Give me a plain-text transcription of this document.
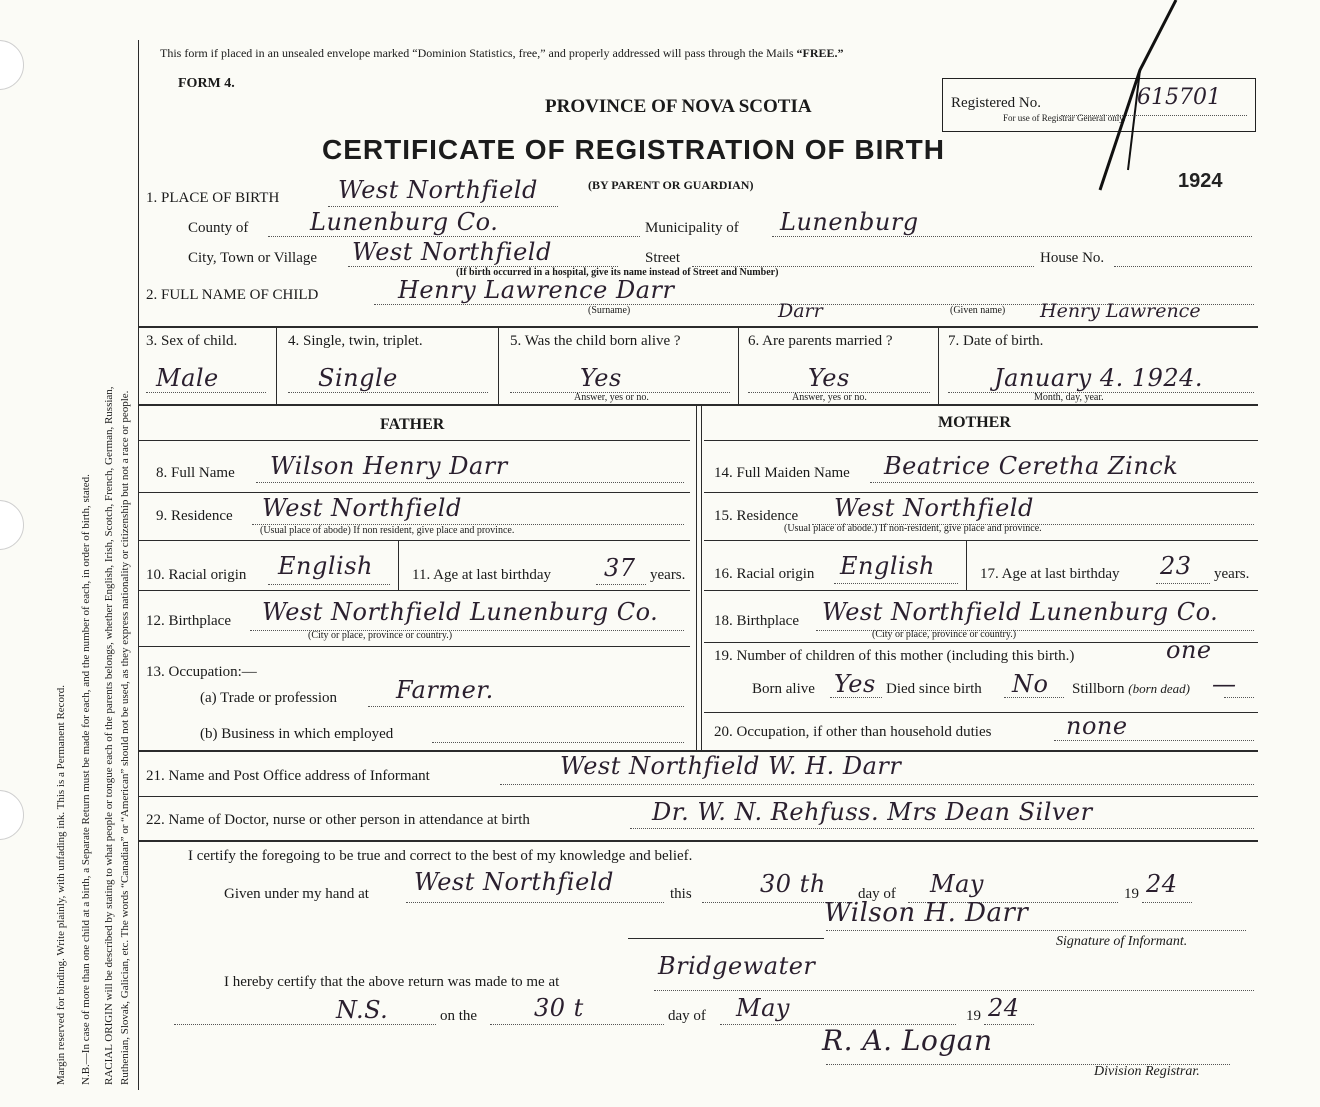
Margin reserved for binding. Write plainly, with unfading ink. This is a Permanent Record. N.B.—In case of more than one child at a birth, a Separate Return must be made for each, and the number of each, in order of birth, stated. RACIAL ORIGIN will be described by stating to what people or tongue each of the parents belongs, whether English, Irish, Scotch, French, German, Russian, Ruthenian, Slovak, Galician, etc. The words “Canadian” or “American” should not be used, as they express nationality or citizenship but not a race or people.
This form if placed in an unsealed envelope marked “Dominion Statistics, free,” and properly addressed will pass through the Mails “FREE.”
FORM 4.
PROVINCE OF NOVA SCOTIA
CERTIFICATE OF REGISTRATION OF BIRTH
(BY PARENT OR GUARDIAN)
Registered No.	615701
For use of Registrar General only.
1924
1. PLACE OF BIRTH West Northfield
County of	Lunenburg Co.	Municipality of Lunenburg
City, Town or Village West Northfield	Street	House No.
(If birth occurred in a hospital, give its name instead of Street and Number)
2. FULL NAME OF CHILD	Henry Lawrence Darr
(Surname)	Darr	(Given name) Henry Lawrence
3. Sex of child.
Male
4. Single, twin, triplet.
Single
5. Was the child born alive ?
Yes
Answer, yes or no.
6. Are parents married ?
Yes
Answer, yes or no.
7. Date of birth.
January 4. 1924.
Month, day, year.
FATHER	MOTHER
8. Full Name Wilson Henry Darr
9. Residence West Northfield
(Usual place of abode) If non resident, give place and province.
10. Racial origin English	11. Age at last birthday 37 years.
12. Birthplace West Northfield Lunenburg Co.
(City or place, province or country.)
13. Occupation:—
(a) Trade or profession Farmer.
(b) Business in which employed
14. Full Maiden Name Beatrice Ceretha Zinck
15. Residence West Northfield
(Usual place of abode.) If non-resident, give place and province.
16. Racial origin English	17. Age at last birthday 23 years.
18. Birthplace West Northfield Lunenburg Co.
(City or place, province or country.)
19. Number of children of this mother (including this birth.)	one
Born alive Yes Died since birth No Stillborn (born dead) —
20. Occupation, if other than household duties	none
21. Name and Post Office address of Informant	West Northfield W. H. Darr
22. Name of Doctor, nurse or other person in attendance at birth	Dr. W. N. Rehfuss. Mrs Dean Silver
I certify the foregoing to be true and correct to the best of my knowledge and belief.
Given under my hand at West Northfield	this	30 th day of May	19 24
Wilson H. Darr
Signature of Informant.
I hereby certify that the above return was made to me at
Bridgewater
N.S.	on the 30 t	day of May	19 24
R. A. Logan
Division Registrar.
